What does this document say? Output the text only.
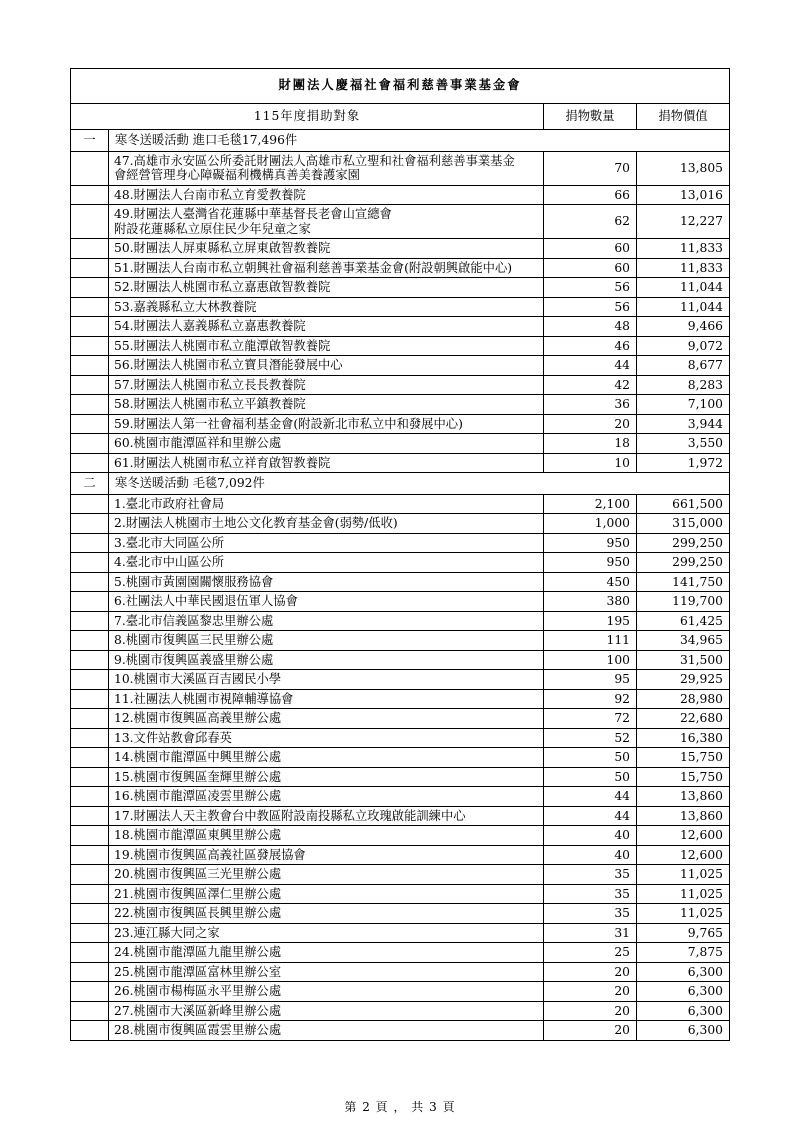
財團法人慶福社會福利慈善事業基金會			
115年度捐助對象		捐物數量	捐物價值
一	寒冬送暖活動 進口毛毯17,496件		
	47.高雄市永安區公所委託財團法人高雄市私立聖和社會福利慈善事業基金
會經營管理身心障礙福利機構真善美養護家園	70	13,805
	48.財團法人台南市私立育愛教養院	66	13,016
	49.財團法人臺灣省花蓮縣中華基督長老會山宣總會
附設花蓮縣私立原住民少年兒童之家	62	12,227
	50.財團法人屏東縣私立屏東啟智教養院	60	11,833
	51.財團法人台南市私立朝興社會福利慈善事業基金會(附設朝興啟能中心)	60	11,833
	52.財團法人桃園市私立嘉惠啟智教養院	56	11,044
	53.嘉義縣私立大林教養院	56	11,044
	54.財團法人嘉義縣私立嘉惠教養院	48	9,466
	55.財團法人桃園市私立龍潭啟智教養院	46	9,072
	56.財團法人桃園市私立寶貝潛能發展中心	44	8,677
	57.財團法人桃園市私立長長教養院	42	8,283
	58.財團法人桃園市私立平鎮教養院	36	7,100
	59.財團法人第一社會福利基金會(附設新北市私立中和發展中心)	20	3,944
	60.桃園市龍潭區祥和里辦公處	18	3,550
	61.財團法人桃園市私立祥育啟智教養院	10	1,972
二	寒冬送暖活動 毛毯7,092件		
	1.臺北市政府社會局	2,100	661,500
	2.財團法人桃園市土地公文化教育基金會(弱勢/低收)	1,000	315,000
	3.臺北市大同區公所	950	299,250
	4.臺北市中山區公所	950	299,250
	5.桃園市黃園園關懷服務協會	450	141,750
	6.社團法人中華民國退伍軍人協會	380	119,700
	7.臺北市信義區黎忠里辦公處	195	61,425
	8.桃園市復興區三民里辦公處	111	34,965
	9.桃園市復興區義盛里辦公處	100	31,500
	10.桃園市大溪區百吉國民小學	95	29,925
	11.社團法人桃園市視障輔導協會	92	28,980
	12.桃園市復興區高義里辦公處	72	22,680
	13.文件站教會邱春英	52	16,380
	14.桃園市龍潭區中興里辦公處	50	15,750
	15.桃園市復興區奎輝里辦公處	50	15,750
	16.桃園市龍潭區凌雲里辦公處	44	13,860
	17.財團法人天主教會台中教區附設南投縣私立玫瑰啟能訓練中心	44	13,860
	18.桃園市龍潭區東興里辦公處	40	12,600
	19.桃園市復興區高義社區發展協會	40	12,600
	20.桃園市復興區三光里辦公處	35	11,025
	21.桃園市復興區澤仁里辦公處	35	11,025
	22.桃園市復興區長興里辦公處	35	11,025
	23.連江縣大同之家	31	9,765
	24.桃園市龍潭區九龍里辦公處	25	7,875
	25.桃園市龍潭區富林里辦公室	20	6,300
	26.桃園市楊梅區永平里辦公處	20	6,300
	27.桃園市大溪區新峰里辦公處	20	6,300
	28.桃園市復興區霞雲里辦公處	20	6,300
第 2 頁 ， 共 3 頁
